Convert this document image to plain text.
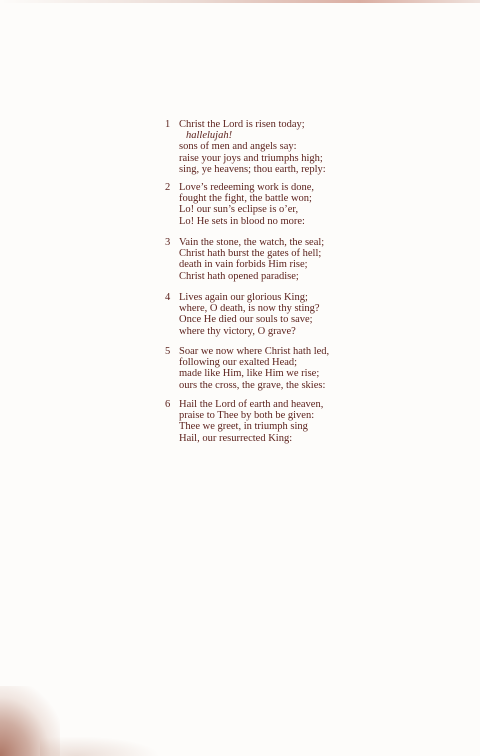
1 Christ the Lord is risen today;
hallelujah!
sons of men and angels say:
raise your joys and triumphs high;
sing, ye heavens; thou earth, reply:
2 Love’s redeeming work is done,
fought the fight, the battle won;
Lo! our sun’s eclipse is o’er,
Lo! He sets in blood no more:
3 Vain the stone, the watch, the seal;
Christ hath burst the gates of hell;
death in vain forbids Him rise;
Christ hath opened paradise;
4 Lives again our glorious King;
where, O death, is now thy sting?
Once He died our souls to save;
where thy victory, O grave?
5 Soar we now where Christ hath led,
following our exalted Head;
made like Him, like Him we rise;
ours the cross, the grave, the skies:
6 Hail the Lord of earth and heaven,
praise to Thee by both be given:
Thee we greet, in triumph sing
Hail, our resurrected King:
